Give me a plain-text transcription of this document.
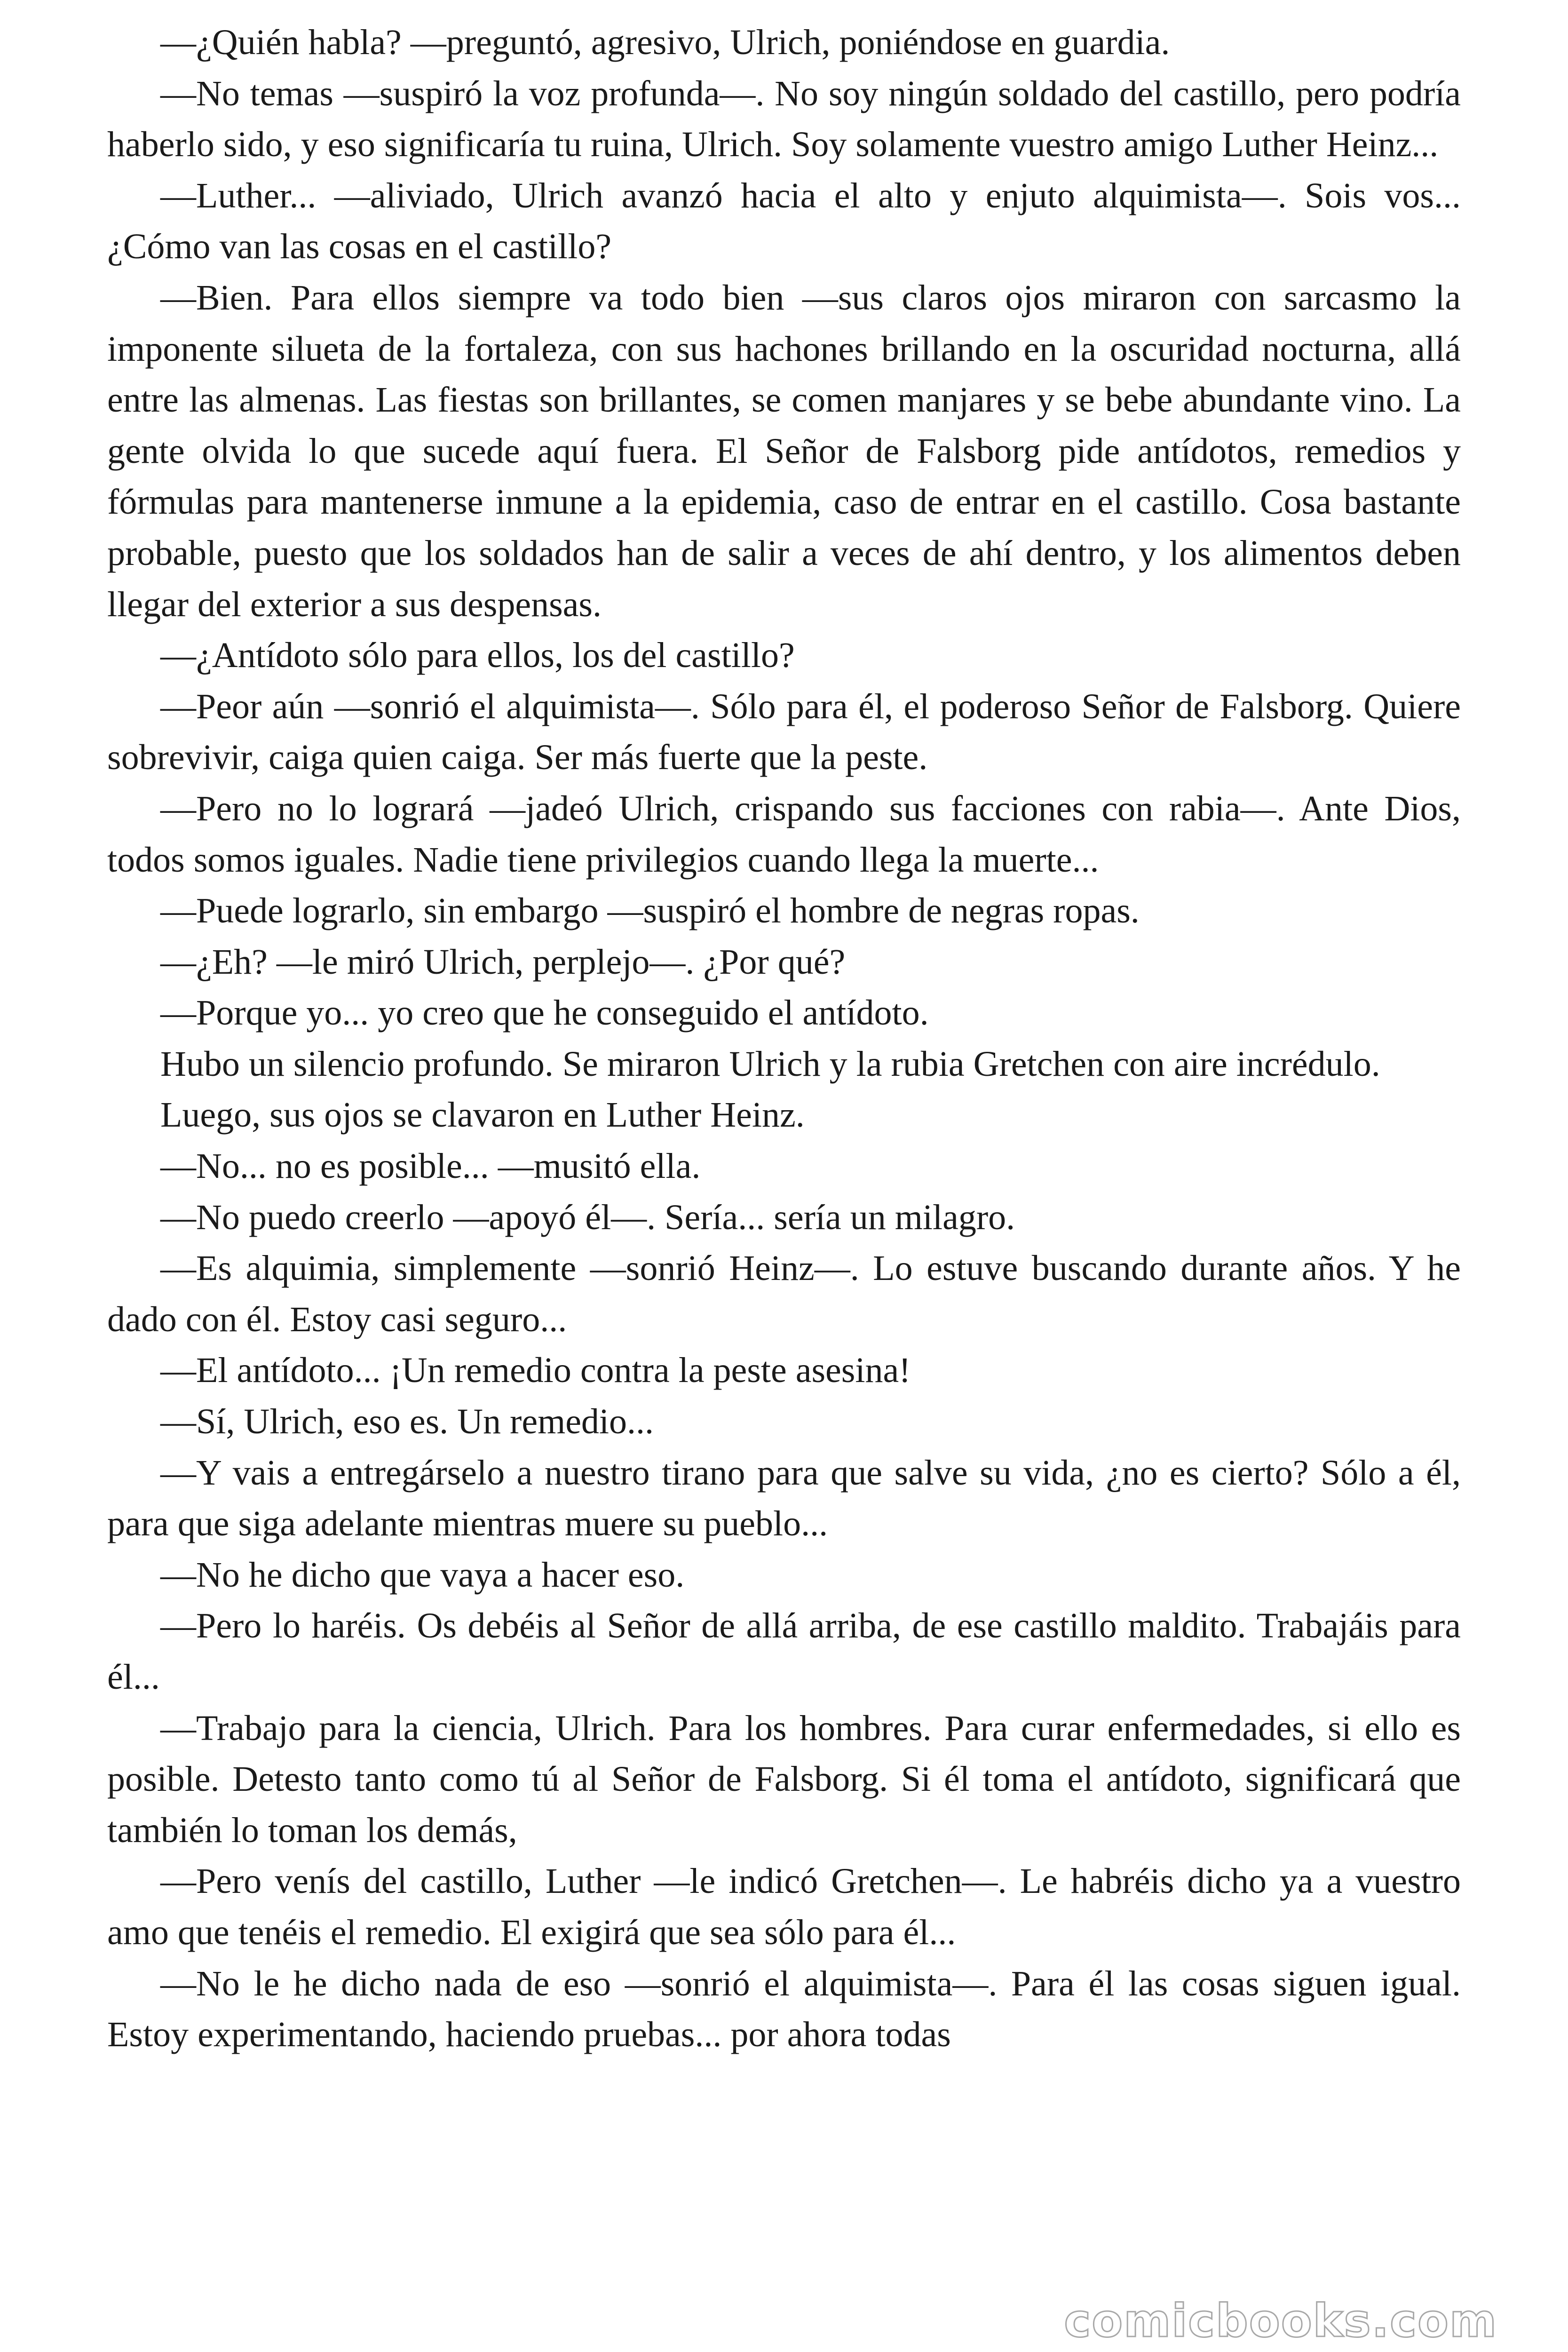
—¿Quién habla? —preguntó, agresivo, Ulrich, poniéndose en guardia.

—No temas —suspiró la voz profunda—. No soy ningún soldado del castillo, pero podría haberlo sido, y eso significaría tu ruina, Ulrich. Soy solamente vuestro amigo Luther Heinz...

—Luther... —aliviado, Ulrich avanzó hacia el alto y enjuto alquimista—. Sois vos... ¿Cómo van las cosas en el castillo?

—Bien. Para ellos siempre va todo bien —sus claros ojos miraron con sarcasmo la imponente silueta de la fortaleza, con sus hachones brillando en la oscuridad nocturna, allá entre las almenas. Las fiestas son brillantes, se comen manjares y se bebe abundante vino. La gente olvida lo que sucede aquí fuera. El Señor de Falsborg pide antídotos, remedios y fórmulas para mantenerse inmune a la epidemia, caso de entrar en el castillo. Cosa bastante probable, puesto que los soldados han de salir a veces de ahí dentro, y los alimentos deben llegar del exterior a sus despensas.

—¿Antídoto sólo para ellos, los del castillo?

—Peor aún —sonrió el alquimista—. Sólo para él, el poderoso Señor de Falsborg. Quiere sobrevivir, caiga quien caiga. Ser más fuerte que la peste.

—Pero no lo logrará —jadeó Ulrich, crispando sus facciones con rabia—. Ante Dios, todos somos iguales. Nadie tiene privilegios cuando llega la muerte...

—Puede lograrlo, sin embargo —suspiró el hombre de negras ropas.

—¿Eh? —le miró Ulrich, perplejo—. ¿Por qué?

—Porque yo... yo creo que he conseguido el antídoto.

Hubo un silencio profundo. Se miraron Ulrich y la rubia Gretchen con aire incrédulo.

Luego, sus ojos se clavaron en Luther Heinz.

—No... no es posible... —musitó ella.

—No puedo creerlo —apoyó él—. Sería... sería un milagro.

—Es alquimia, simplemente —sonrió Heinz—. Lo estuve buscando durante años. Y he dado con él. Estoy casi seguro...

—El antídoto... ¡Un remedio contra la peste asesina!

—Sí, Ulrich, eso es. Un remedio...

—Y vais a entregárselo a nuestro tirano para que salve su vida, ¿no es cierto? Sólo a él, para que siga adelante mientras muere su pueblo...

—No he dicho que vaya a hacer eso.

—Pero lo haréis. Os debéis al Señor de allá arriba, de ese castillo maldito. Trabajáis para él...

—Trabajo para la ciencia, Ulrich. Para los hombres. Para curar enfermedades, si ello es posible. Detesto tanto como tú al Señor de Falsborg. Si él toma el antídoto, significará que también lo toman los demás,

—Pero venís del castillo, Luther —le indicó Gretchen—. Le habréis dicho ya a vuestro amo que tenéis el remedio. El exigirá que sea sólo para él...

—No le he dicho nada de eso —sonrió el alquimista—. Para él las cosas siguen igual. Estoy experimentando, haciendo pruebas... por ahora todas

comicbooks.com
